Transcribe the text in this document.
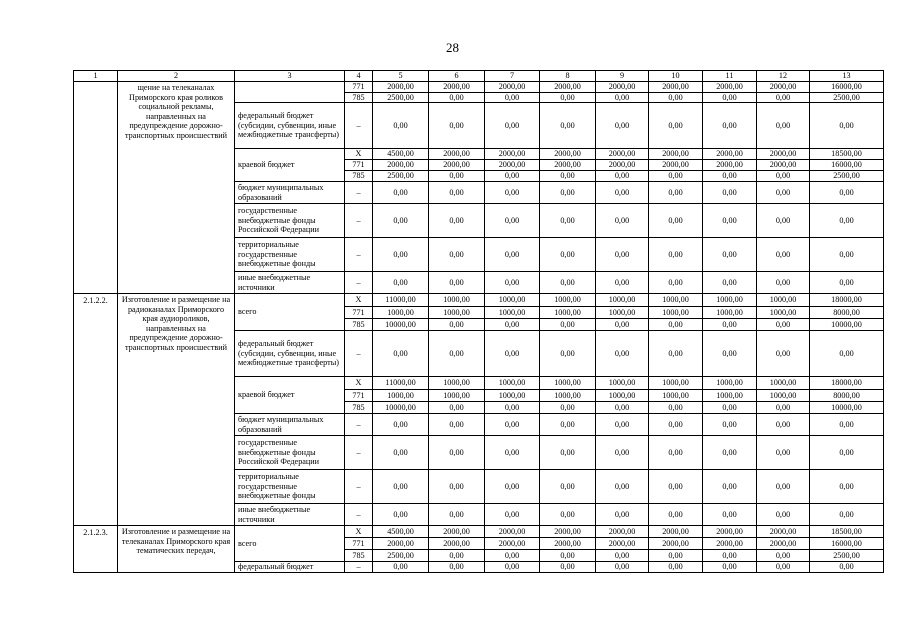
28
1	2	3	4	5	6	7	8	9	10	11	12	13
	щение на телеканалах Приморского края роликов социальной рекламы, направленных на предупреждение дорожно-транспортных происшествий		771	2000,00	2000,00	2000,00	2000,00	2000,00	2000,00	2000,00	2000,00	16000,00
			785	2500,00	0,00	0,00	0,00	0,00	0,00	0,00	0,00	2500,00
		федеральный бюджет (субсидии, субвенции, иные межбюджетные трансферты)	–	0,00	0,00	0,00	0,00	0,00	0,00	0,00	0,00	0,00
		краевой бюджет	X	4500,00	2000,00	2000,00	2000,00	2000,00	2000,00	2000,00	2000,00	18500,00
			771	2000,00	2000,00	2000,00	2000,00	2000,00	2000,00	2000,00	2000,00	16000,00
			785	2500,00	0,00	0,00	0,00	0,00	0,00	0,00	0,00	2500,00
		бюджет муниципальных образований	–	0,00	0,00	0,00	0,00	0,00	0,00	0,00	0,00	0,00
		государственные внебюджетные фонды Российской Федерации	–	0,00	0,00	0,00	0,00	0,00	0,00	0,00	0,00	0,00
		территориальные государственные внебюджетные фонды	–	0,00	0,00	0,00	0,00	0,00	0,00	0,00	0,00	0,00
		иные внебюджетные источники	–	0,00	0,00	0,00	0,00	0,00	0,00	0,00	0,00	0,00
2.1.2.2.	Изготовление и размещение на радиоканалах Приморского края аудиороликов, направленных на предупреждение дорожно-транспортных происшествий	всего	X	11000,00	1000,00	1000,00	1000,00	1000,00	1000,00	1000,00	1000,00	18000,00
			771	1000,00	1000,00	1000,00	1000,00	1000,00	1000,00	1000,00	1000,00	8000,00
			785	10000,00	0,00	0,00	0,00	0,00	0,00	0,00	0,00	10000,00
		федеральный бюджет (субсидии, субвенции, иные межбюджетные трансферты)	–	0,00	0,00	0,00	0,00	0,00	0,00	0,00	0,00	0,00
		краевой бюджет	X	11000,00	1000,00	1000,00	1000,00	1000,00	1000,00	1000,00	1000,00	18000,00
			771	1000,00	1000,00	1000,00	1000,00	1000,00	1000,00	1000,00	1000,00	8000,00
			785	10000,00	0,00	0,00	0,00	0,00	0,00	0,00	0,00	10000,00
		бюджет муниципальных образований	–	0,00	0,00	0,00	0,00	0,00	0,00	0,00	0,00	0,00
		государственные внебюджетные фонды Российской Федерации	–	0,00	0,00	0,00	0,00	0,00	0,00	0,00	0,00	0,00
		территориальные государственные внебюджетные фонды	–	0,00	0,00	0,00	0,00	0,00	0,00	0,00	0,00	0,00
		иные внебюджетные источники	–	0,00	0,00	0,00	0,00	0,00	0,00	0,00	0,00	0,00
2.1.2.3.	Изготовление и размещение на телеканалах Приморского края тематических передач,	всего	X	4500,00	2000,00	2000,00	2000,00	2000,00	2000,00	2000,00	2000,00	18500,00
			771	2000,00	2000,00	2000,00	2000,00	2000,00	2000,00	2000,00	2000,00	16000,00
			785	2500,00	0,00	0,00	0,00	0,00	0,00	0,00	0,00	2500,00
		федеральный бюджет	–	0,00	0,00	0,00	0,00	0,00	0,00	0,00	0,00	0,00
